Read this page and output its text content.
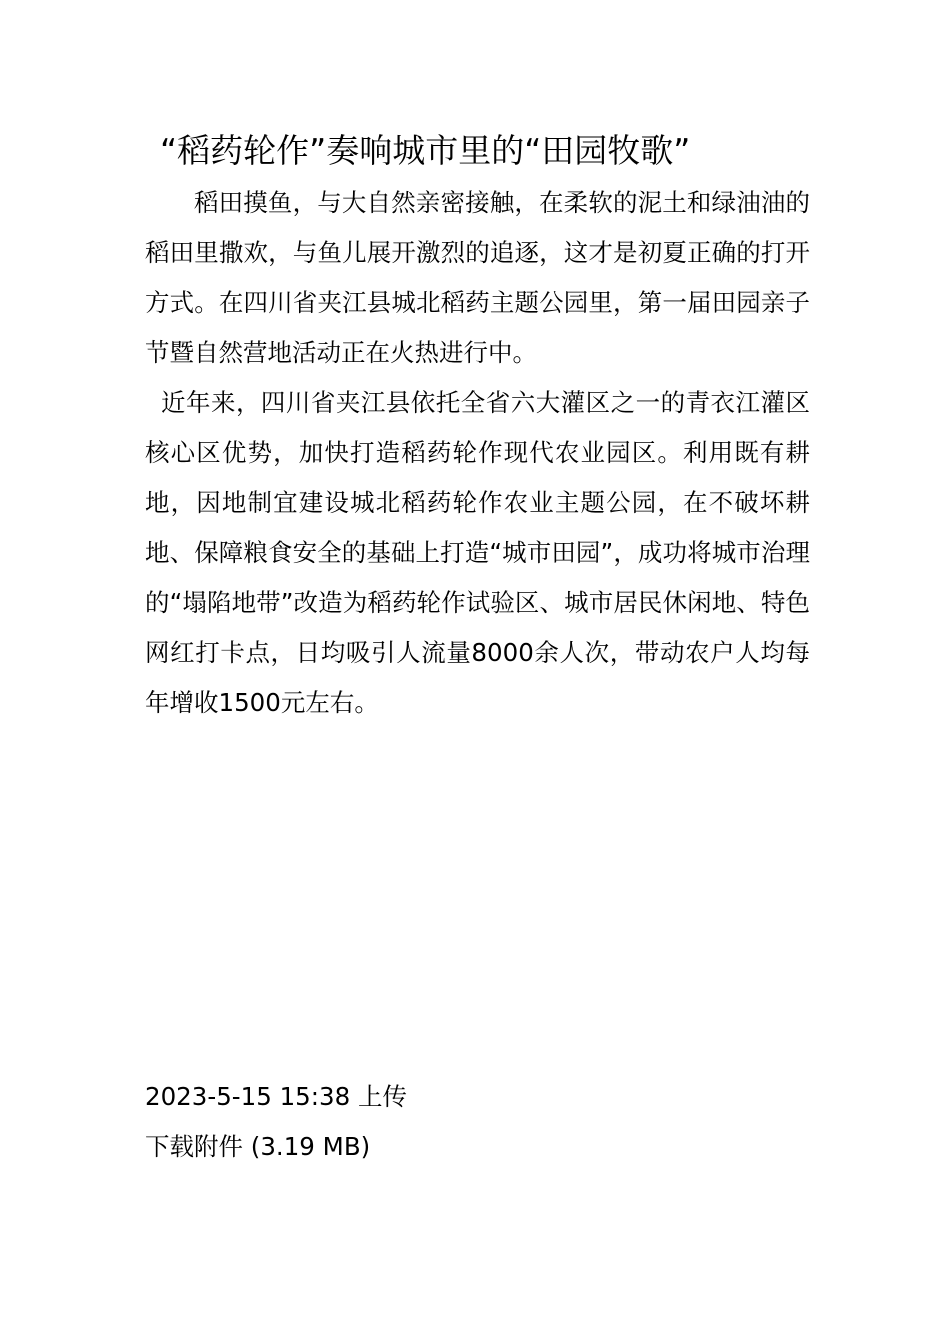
“稻药轮作”奏响城市里的“田园牧歌”

稻田摸鱼，与大自然亲密接触，在柔软的泥土和绿油油的稻田里撒欢，与鱼儿展开激烈的追逐，这才是初夏正确的打开方式。在四川省夹江县城北稻药主题公园里，第一届田园亲子节暨自然营地活动正在火热进行中。

近年来，四川省夹江县依托全省六大灌区之一的青衣江灌区核心区优势，加快打造稻药轮作现代农业园区。利用既有耕地，因地制宜建设城北稻药轮作农业主题公园，在不破坏耕地、保障粮食安全的基础上打造“城市田园”，成功将城市治理的“塌陷地带”改造为稻药轮作试验区、城市居民休闲地、特色网红打卡点，日均吸引人流量8000余人次，带动农户人均每年增收1500元左右。

2023-5-15 15:38 上传
下载附件 (3.19 MB)
